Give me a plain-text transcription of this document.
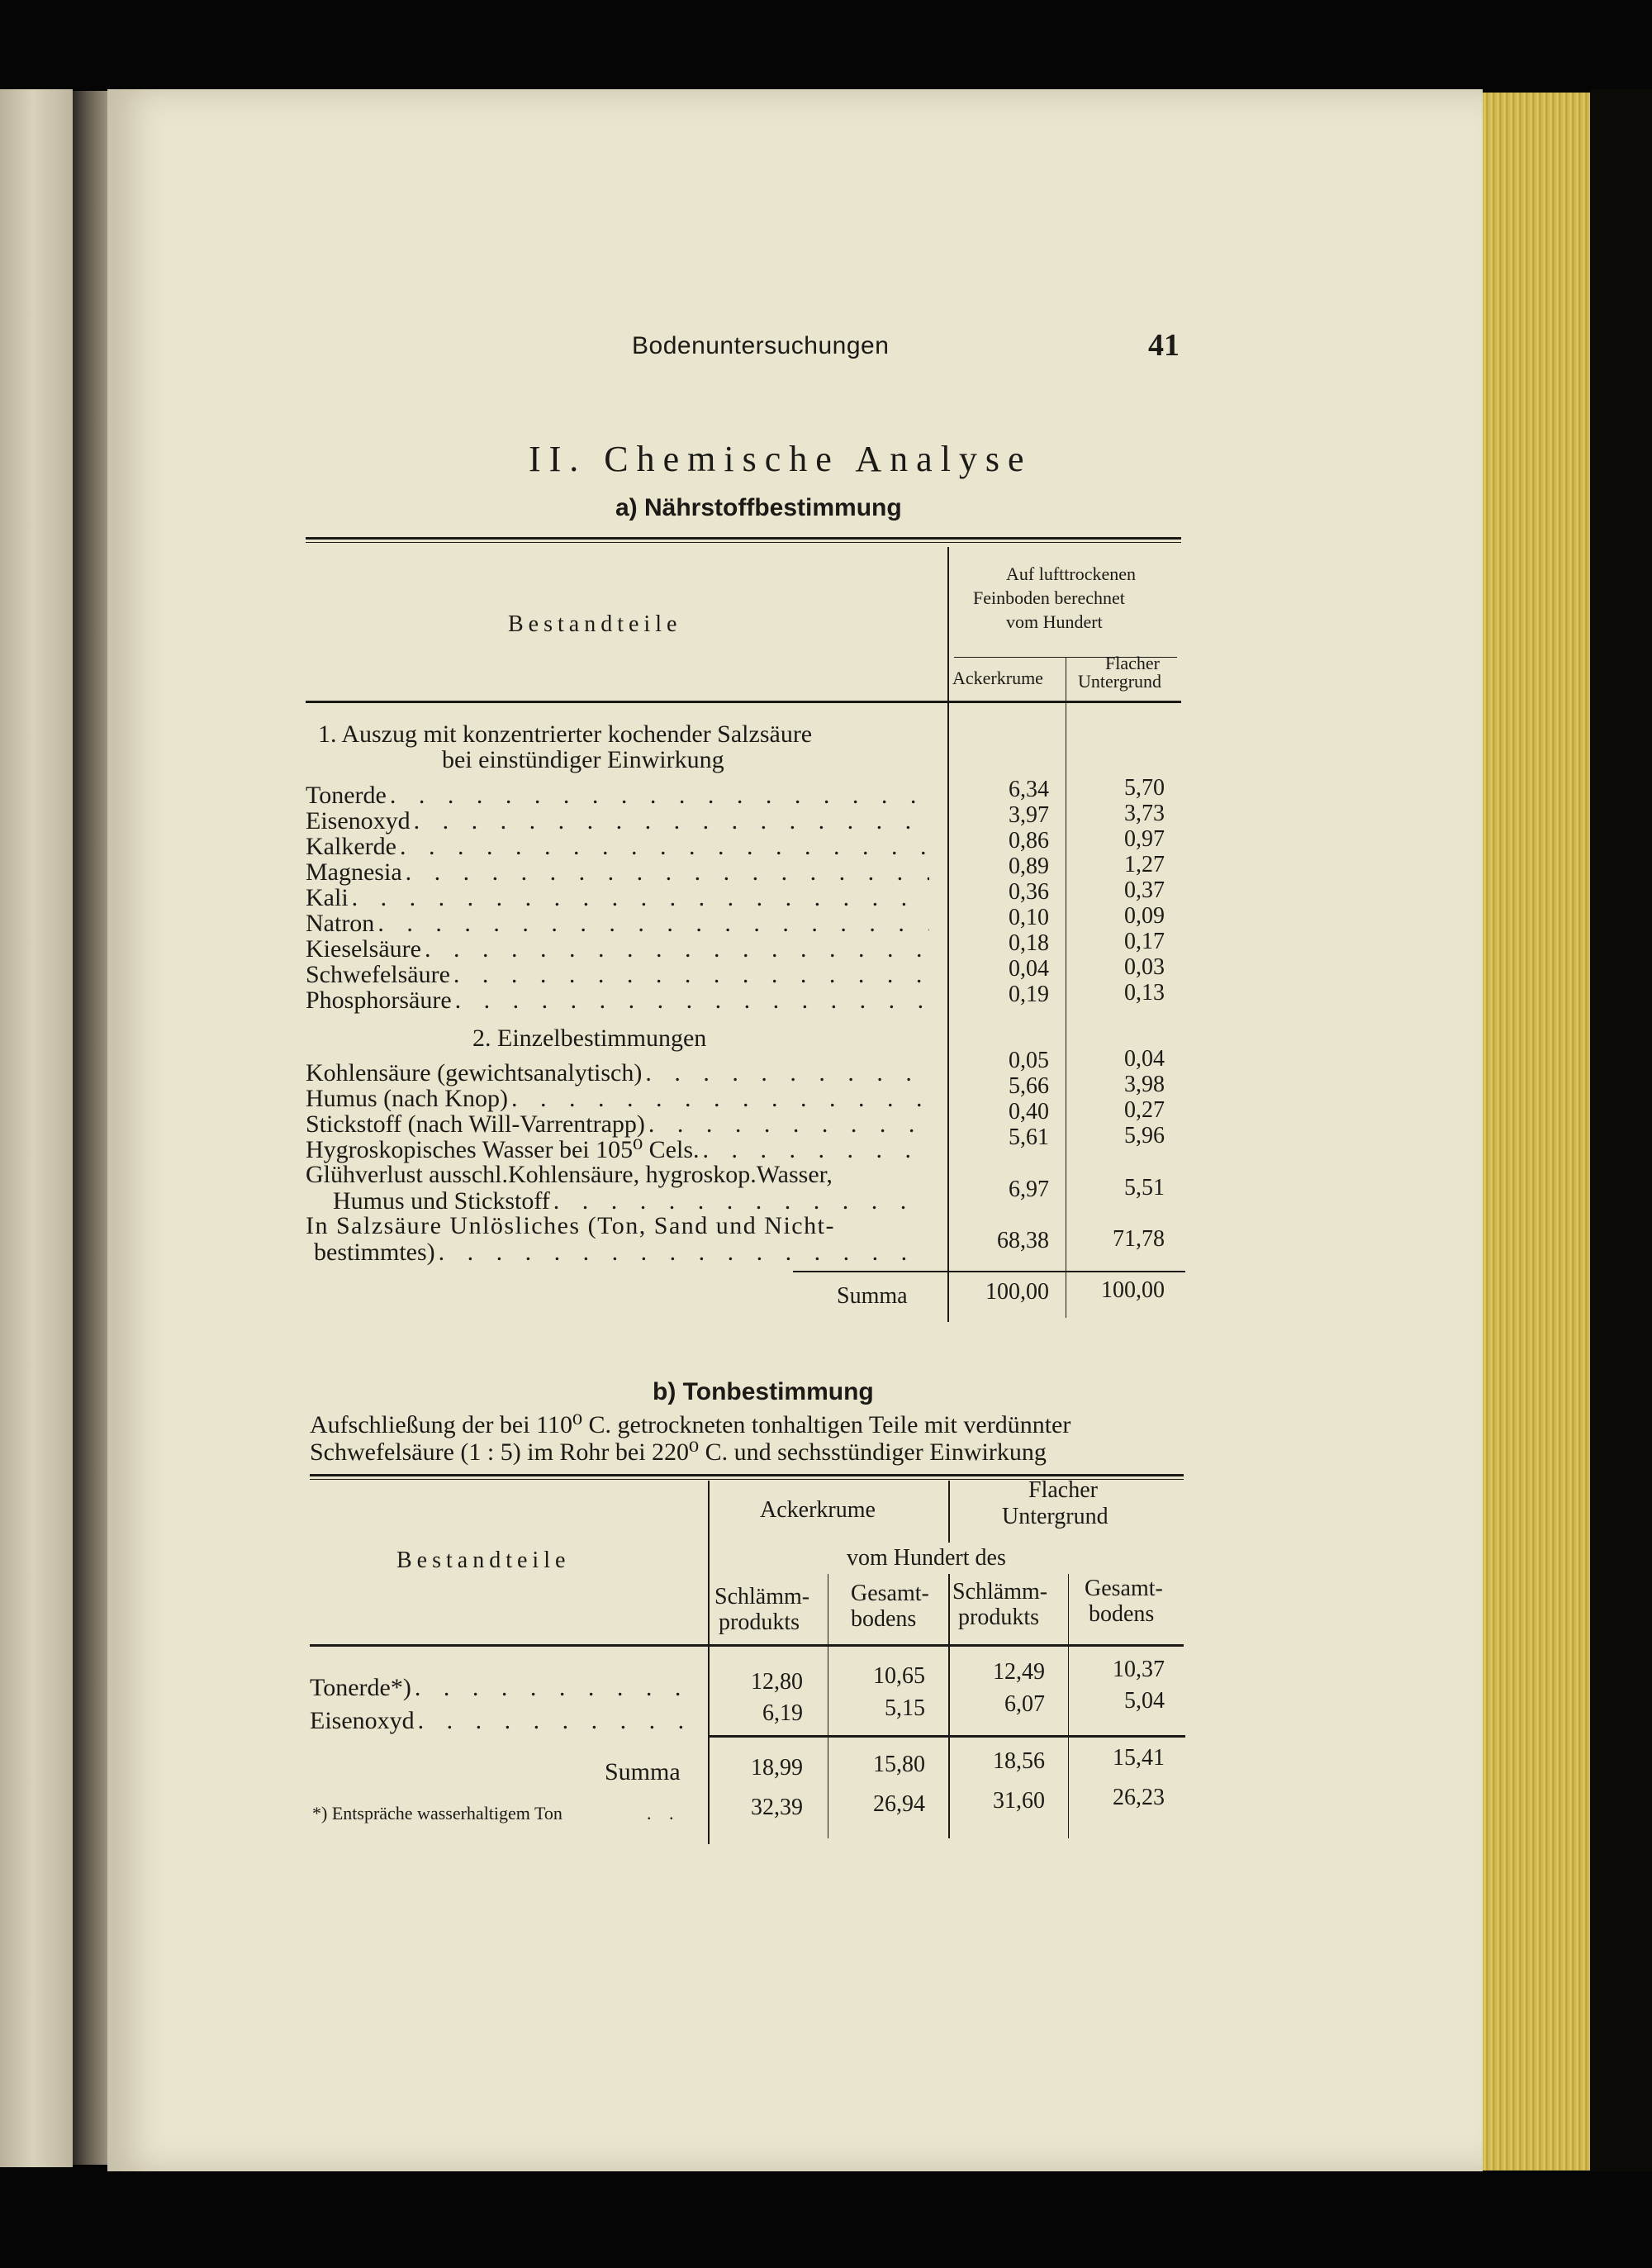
Bodenuntersuchungen	41
II. Chemische Analyse
a) Nährstoffbestimmung
Bestandteile
Auf lufttrockenen
Feinboden berechnet
vom Hundert
Ackerkrume
Flacher
Untergrund
1. Auszug mit konzentrierter kochender Salzsäure
bei einstündiger Einwirkung
Tonerde . . .	6,34	5,70
Eisenoxyd . . .	3,97	3,73
Kalkerde . . .	0,86	0,97
Magnesia . . .	0,89	1,27
Kali . . .	0,36	0,37
Natron . . .	0,10	0,09
Kieselsäure . . .	0,18	0,17
Schwefelsäure . . .	0,04	0,03
Phosphorsäure . . .	0,19	0,13
2. Einzelbestimmungen
Kohlensäure (gewichtsanalytisch) . . .	0,05	0,04
Humus (nach Knop) . . .	5,66	3,98
Stickstoff (nach Will-Varrentrapp) . . .	0,40	0,27
Hygroskopisches Wasser bei 105⁰ Cels. . . .	5,61	5,96
Glühverlust ausschl.Kohlensäure, hygroskop.Wasser,
Humus und Stickstoff . . .	6,97	5,51
In Salzsäure Unlösliches (Ton, Sand und Nicht-
bestimmtes) . . .	68,38	71,78
Summa	100,00	100,00
b) Tonbestimmung
Aufschließung der bei 110⁰ C. getrockneten tonhaltigen Teile mit verdünnter
Schwefelsäure (1 : 5) im Rohr bei 220⁰ C. und sechsstündiger Einwirkung
Bestandteile
Ackerkrume
Flacher
Untergrund
vom Hundert des
Schlämm-
produkts
Gesamt-
bodens
Schlämm-
produkts
Gesamt-
bodens
Tonerde*) . . .	12,80	10,65	12,49	10,37
Eisenoxyd . . .	6,19	5,15	6,07	5,04
Summa	18,99	15,80	18,56	15,41
*) Entspräche wasserhaltigem Ton	. .	32,39	26,94	31,60	26,23
